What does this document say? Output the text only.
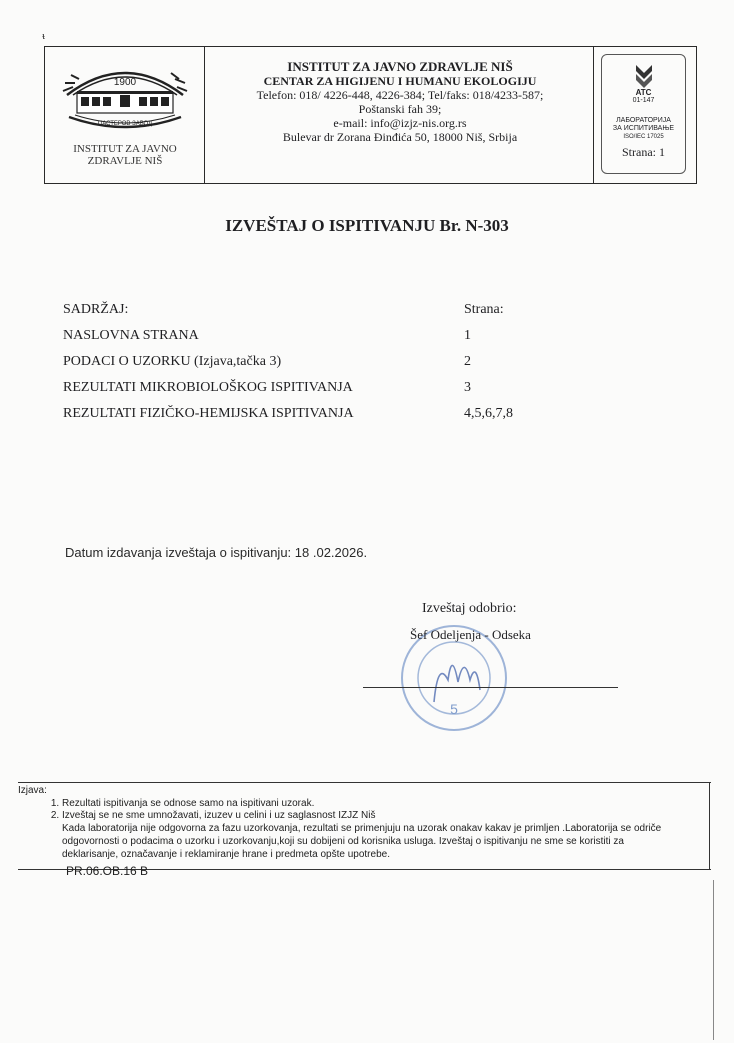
ᵼ
1900
ПАСТЕРОВ ЗАВОД
INSTITUT ZA JAVNO ZDRAVLJE NIŠ
INSTITUT ZA JAVNO ZDRAVLJE NIŠ
CENTAR ZA HIGIJENU I HUMANU EKOLOGIJU
Telefon: 018/ 4226-448, 4226-384; Tel/faks: 018/4233-587;
Poštanski fah 39;
e-mail: info@izjz-nis.org.rs
Bulevar dr Zorana Đinđića 50, 18000 Niš, Srbija
ATC
01-147
ЛАБОРАТОРИЈА
ЗА ИСПИТИВАЊЕ
ISO/IEC 17025
Strana: 1
IZVEŠTAJ O ISPITIVANJU Br. N-303
SADRŽAJ:	Strana:
NASLOVNA STRANA	1
PODACI O UZORKU (Izjava,tačka 3)	2
REZULTATI MIKROBIOLOŠKOG ISPITIVANJA	3
REZULTATI FIZIČKO-HEMIJSKA ISPITIVANJA	4,5,6,7,8
Datum izdavanja izveštaja o ispitivanju: 18 .02.2026.
5
Izveštaj odobrio:
Šef Odeljenja - Odseka
Izjava:
1. Rezultati ispitivanja se odnose samo na ispitivani uzorak.
2. Izveštaj se ne sme umnožavati, izuzev u celini i uz saglasnost IZJZ Niš
Kada laboratorija nije odgovorna za fazu uzorkovanja, rezultati se primenjuju na uzorak onakav kakav je primljen .Laboratorija se odriče
odgovornosti o podacima o uzorku i uzorkovanju,koji su dobijeni od korisnika usluga. Izveštaj o ispitivanju ne sme se koristiti za
deklarisanje, označavanje i reklamiranje hrane i predmeta opšte upotrebe.
PR.06.OB.16 B
